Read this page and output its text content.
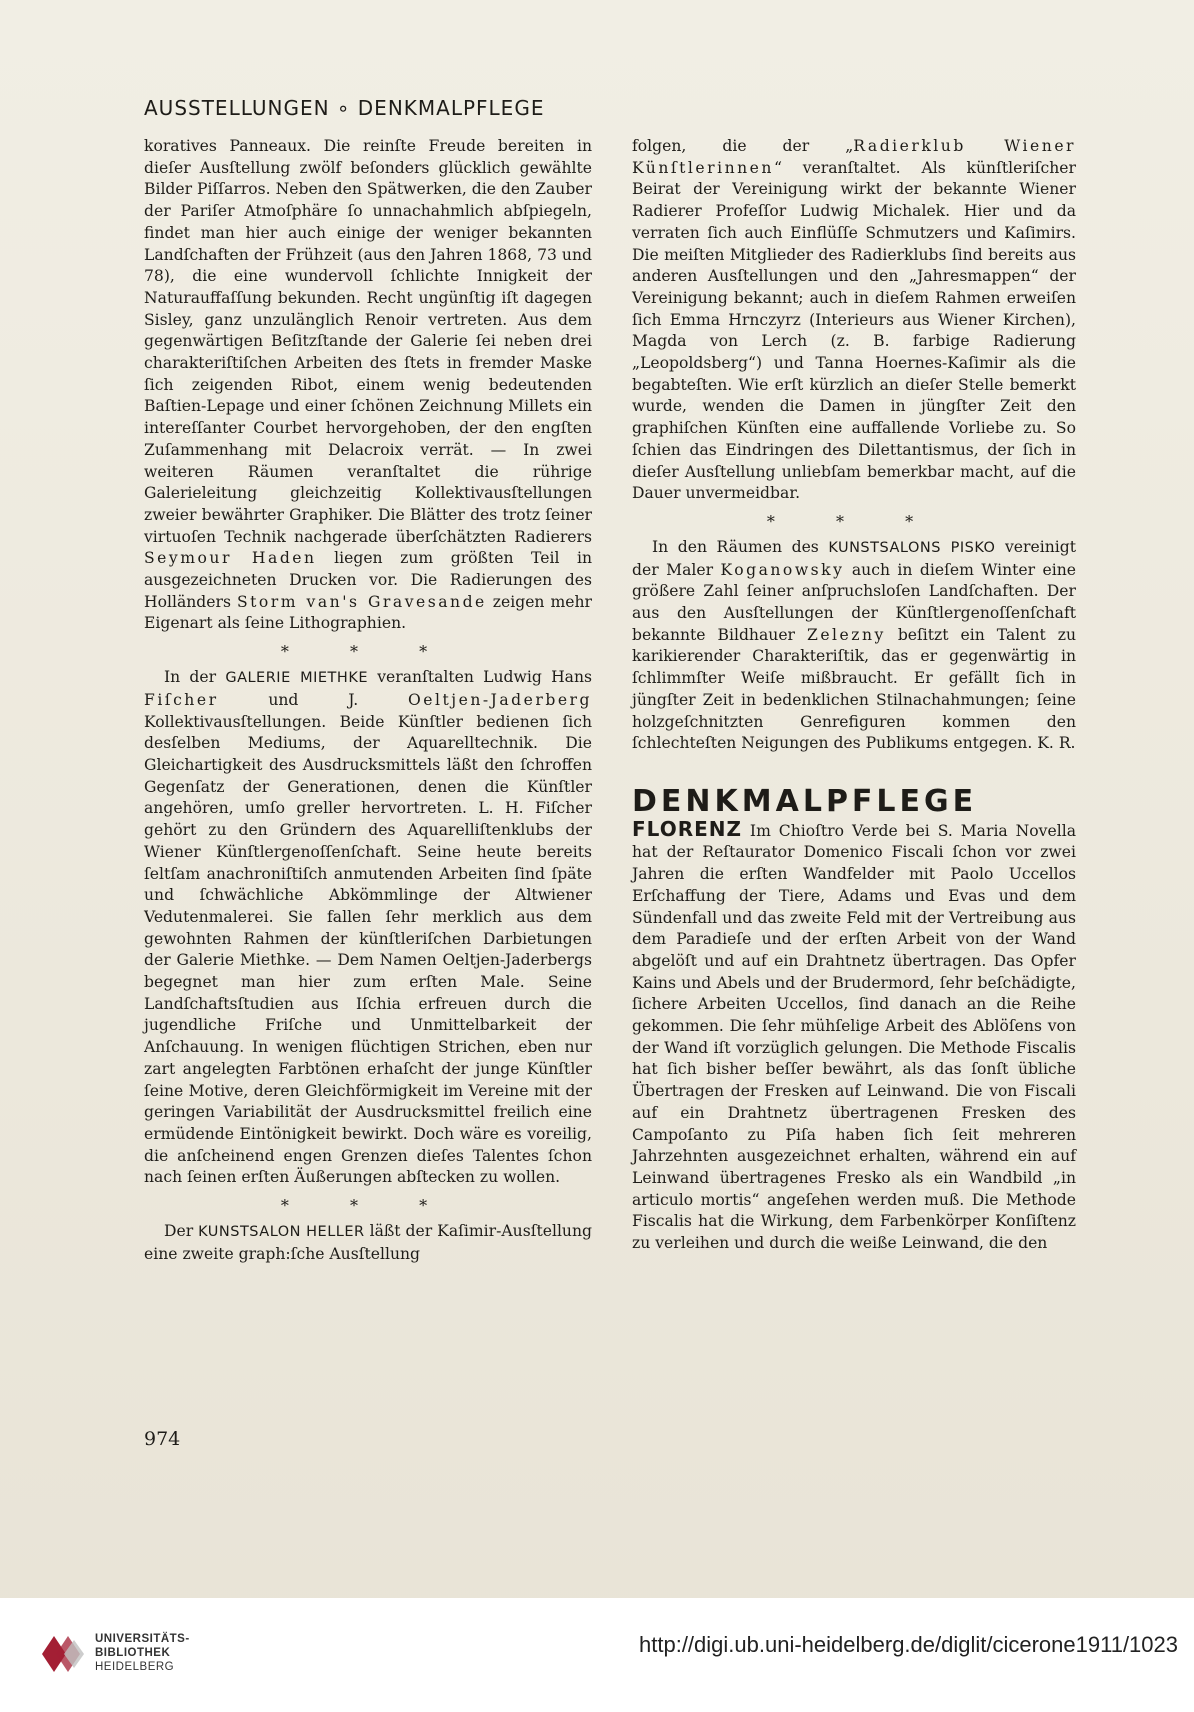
AUSSTELLUNGEN ∘ DENKMALPFLEGE

koratives Panneaux. Die reinſte Freude bereiten in dieſer Ausſtellung zwölf beſonders glücklich gewählte Bilder Piſſarros. Neben den Spätwerken, die den Zauber der Pariſer Atmoſphäre ſo unnachahmlich abſpiegeln, findet man hier auch einige der weniger bekannten Landſchaften der Frühzeit (aus den Jahren 1868, 73 und 78), die eine wundervoll ſchlichte Innigkeit der Naturauffaſſung bekunden. Recht ungünſtig iſt dagegen Sisley, ganz unzulänglich Renoir vertreten. Aus dem gegenwärtigen Beſitzſtande der Galerie ſei neben drei charakteriſtiſchen Arbeiten des ſtets in fremder Maske ſich zeigenden Ribot, einem wenig bedeutenden Baſtien-Lepage und einer ſchönen Zeichnung Millets ein intereſſanter Courbet hervorgehoben, der den engſten Zuſammenhang mit Delacroix verrät. — In zwei weiteren Räumen veranſtaltet die rührige Galerieleitung gleichzeitig Kollektivausſtellungen zweier bewährter Graphiker. Die Blätter des trotz ſeiner virtuoſen Technik nachgerade überſchätzten Radierers Seymour Haden liegen zum größten Teil in ausgezeichneten Drucken vor. Die Radierungen des Holländers Storm van's Gravesande zeigen mehr Eigenart als ſeine Lithographien.

* * *

In der GALERIE MIETHKE veranſtalten Ludwig Hans Fiſcher und J. Oeltjen-Jaderberg Kollektivausſtellungen. Beide Künſtler bedienen ſich desſelben Mediums, der Aquarelltechnik. Die Gleichartigkeit des Ausdrucksmittels läßt den ſchroffen Gegenſatz der Generationen, denen die Künſtler angehören, umſo greller hervortreten. L. H. Fiſcher gehört zu den Gründern des Aquarelliſtenklubs der Wiener Künſtlergenoſſenſchaft. Seine heute bereits ſeltſam anachroniſtiſch anmutenden Arbeiten ſind ſpäte und ſchwächliche Abkömmlinge der Altwiener Vedutenmalerei. Sie fallen ſehr merklich aus dem gewohnten Rahmen der künſtleriſchen Darbietungen der Galerie Miethke. — Dem Namen Oeltjen-Jaderbergs begegnet man hier zum erſten Male. Seine Landſchaftsſtudien aus Iſchia erfreuen durch die jugendliche Friſche und Unmittelbarkeit der Anſchauung. In wenigen flüchtigen Strichen, eben nur zart angelegten Farbtönen erhaſcht der junge Künſtler ſeine Motive, deren Gleichförmigkeit im Vereine mit der geringen Variabilität der Ausdrucksmittel freilich eine ermüdende Eintönigkeit bewirkt. Doch wäre es voreilig, die anſcheinend engen Grenzen dieſes Talentes ſchon nach ſeinen erſten Äußerungen abſtecken zu wollen.

* * *

Der KUNSTSALON HELLER läßt der Kaſimir-Ausſtellung eine zweite graph:ſche Ausſtellung

folgen, die der „Radierklub Wiener Künſtlerinnen“ veranſtaltet. Als künſtleriſcher Beirat der Vereinigung wirkt der bekannte Wiener Radierer Profeſſor Ludwig Michalek. Hier und da verraten ſich auch Einflüſſe Schmutzers und Kaſimirs. Die meiſten Mitglieder des Radierklubs ſind bereits aus anderen Ausſtellungen und den „Jahresmappen“ der Vereinigung bekannt; auch in dieſem Rahmen erweiſen ſich Emma Hrnczyrz (Interieurs aus Wiener Kirchen), Magda von Lerch (z. B. farbige Radierung „Leopoldsberg“) und Tanna Hoernes-Kaſimir als die begabteſten. Wie erſt kürzlich an dieſer Stelle bemerkt wurde, wenden die Damen in jüngſter Zeit den graphiſchen Künſten eine auffallende Vorliebe zu. So ſchien das Eindringen des Dilettantismus, der ſich in dieſer Ausſtellung unliebſam bemerkbar macht, auf die Dauer unvermeidbar.

* * *

In den Räumen des KUNSTSALONS PISKO vereinigt der Maler Koganowsky auch in dieſem Winter eine größere Zahl ſeiner anſpruchsloſen Landſchaften. Der aus den Ausſtellungen der Künſtlergenoſſenſchaft bekannte Bildhauer Zelezny beſitzt ein Talent zu karikierender Charakteriſtik, das er gegenwärtig in ſchlimmſter Weiſe mißbraucht. Er gefällt ſich in jüngſter Zeit in bedenklichen Stilnachahmungen; ſeine holzgeſchnitzten Genrefiguren kommen den ſchlechteſten Neigungen des Publikums entgegen. K. R.

DENKMALPFLEGE

FLORENZ Im Chioſtro Verde bei S. Maria Novella hat der Reſtaurator Domenico Fiscali ſchon vor zwei Jahren die erſten Wandfelder mit Paolo Uccellos Erſchaffung der Tiere, Adams und Evas und dem Sündenfall und das zweite Feld mit der Vertreibung aus dem Paradieſe und der erſten Arbeit von der Wand abgelöſt und auf ein Drahtnetz übertragen. Das Opfer Kains und Abels und der Brudermord, ſehr beſchädigte, ſichere Arbeiten Uccellos, ſind danach an die Reihe gekommen. Die ſehr mühſelige Arbeit des Ablöſens von der Wand iſt vorzüglich gelungen. Die Methode Fiscalis hat ſich bisher beſſer bewährt, als das ſonſt übliche Übertragen der Fresken auf Leinwand. Die von Fiscali auf ein Drahtnetz übertragenen Fresken des Campoſanto zu Piſa haben ſich ſeit mehreren Jahrzehnten ausgezeichnet erhalten, während ein auf Leinwand übertragenes Fresko als ein Wandbild „in articulo mortis“ angeſehen werden muß. Die Methode Fiscalis hat die Wirkung, dem Farbenkörper Konſiſtenz zu verleihen und durch die weiße Leinwand, die den

974
UNIVERSITÄTS-
BIBLIOTHEK
HEIDELBERG
http://digi.ub.uni-heidelberg.de/diglit/cicerone1911/1023
